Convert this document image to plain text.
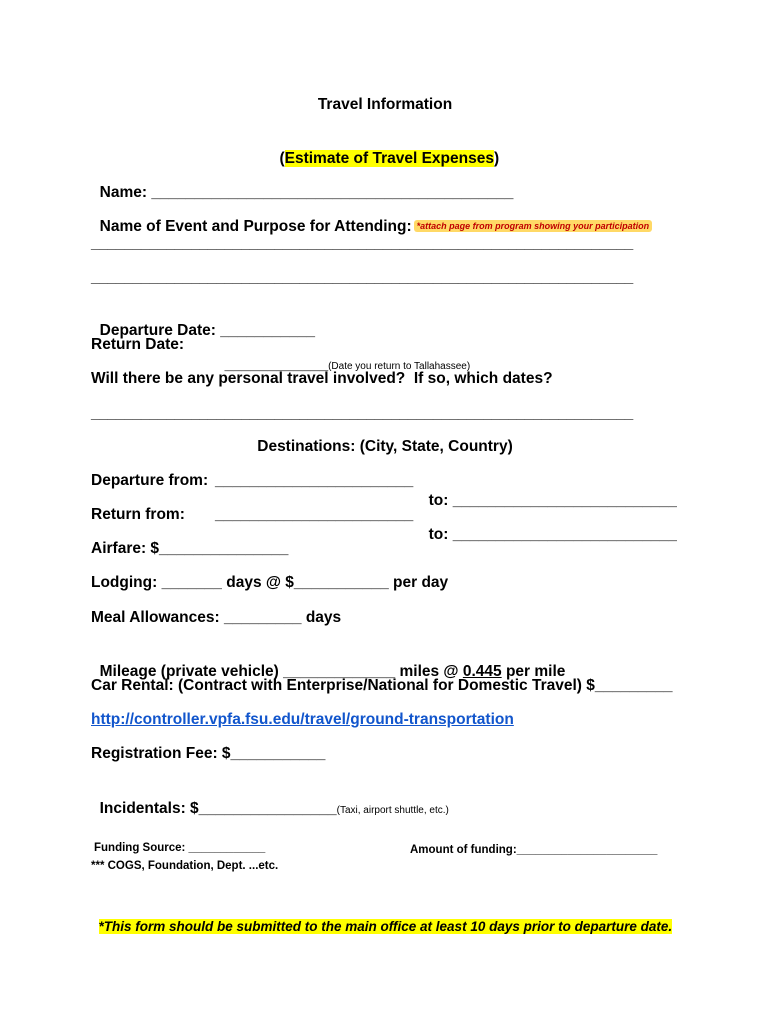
Travel Information

(Estimate of Travel Expenses)

Name: __________________________________________

Name of Event and Purpose for Attending: *attach page from program showing your participation

_________________________________________________________________
_________________________________________________________________

Departure Date: ___________

Return Date:

____________(Date you return to Tallahassee)

Will there be any personal travel involved?  If so, which dates?
_________________________________________________________________
Destinations: (City, State, Country)
Departure from: _______________________

to: __________________________

Return from: _______________________

to: __________________________

Airfare: $_______________
Lodging: _______ days @ $___________ per day
Meal Allowances: _________ days

Mileage (private vehicle) _____________ miles @ 0.445 per mile

Car Rental: (Contract with Enterprise/National for Domestic Travel) $_________
http://controller.vpfa.fsu.edu/travel/ground-transportation
Registration Fee: $___________

Incidentals: $________________(Taxi, airport shuttle, etc.)

Funding Source: ____________
*** COGS, Foundation, Dept. ...etc.
Amount of funding:______________________

*This form should be submitted to the main office at least 10 days prior to departure date.
